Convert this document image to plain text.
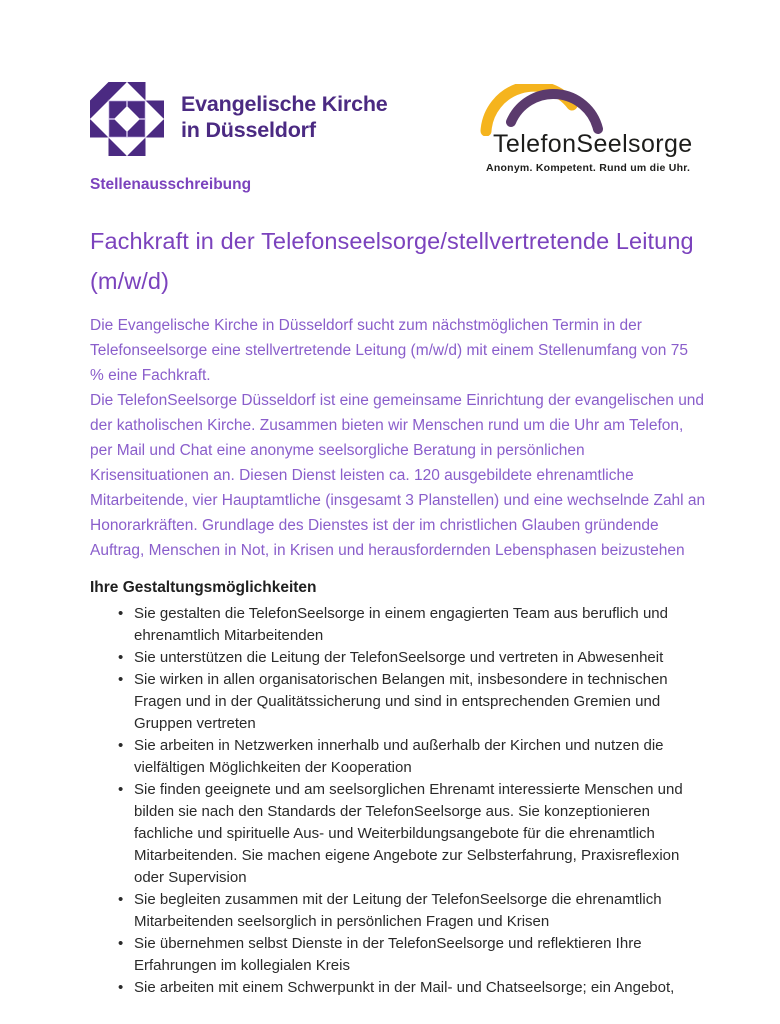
Evangelische Kirche
in Düsseldorf	TelefonSeelsorge
Anonym. Kompetent. Rund um die Uhr.

Stellenausschreibung

Fachkraft in der Telefonseelsorge/stellvertretende Leitung (m/w/d)

Die Evangelische Kirche in Düsseldorf sucht zum nächstmöglichen Termin in der Telefonseelsorge eine stellvertretende Leitung (m/w/d) mit einem Stellenumfang von 75 % eine Fachkraft.

Die TelefonSeelsorge Düsseldorf ist eine gemeinsame Einrichtung der evangelischen und der katholischen Kirche. Zusammen bieten wir Menschen rund um die Uhr am Telefon, per Mail und Chat eine anonyme seelsorgliche Beratung in persönlichen Krisensituationen an. Diesen Dienst leisten ca. 120 ausgebildete ehrenamtliche Mitarbeitende, vier Hauptamtliche (insgesamt 3 Planstellen) und eine wechselnde Zahl an Honorarkräften. Grundlage des Dienstes ist der im christlichen Glauben gründende Auftrag, Menschen in Not, in Krisen und herausfordernden Lebensphasen beizustehen

Ihre Gestaltungsmöglichkeiten
• Sie gestalten die TelefonSeelsorge in einem engagierten Team aus beruflich und ehrenamtlich Mitarbeitenden
• Sie unterstützen die Leitung der TelefonSeelsorge und vertreten in Abwesenheit
• Sie wirken in allen organisatorischen Belangen mit, insbesondere in technischen Fragen und in der Qualitätssicherung und sind in entsprechenden Gremien und Gruppen vertreten
• Sie arbeiten in Netzwerken innerhalb und außerhalb der Kirchen und nutzen die vielfältigen Möglichkeiten der Kooperation
• Sie finden geeignete und am seelsorglichen Ehrenamt interessierte Menschen und bilden sie nach den Standards der TelefonSeelsorge aus. Sie konzeptionieren fachliche und spirituelle Aus- und Weiterbildungsangebote für die ehrenamtlich Mitarbeitenden. Sie machen eigene Angebote zur Selbsterfahrung, Praxisreflexion oder Supervision
• Sie begleiten zusammen mit der Leitung der TelefonSeelsorge die ehrenamtlich Mitarbeitenden seelsorglich in persönlichen Fragen und Krisen
• Sie übernehmen selbst Dienste in der TelefonSeelsorge und reflektieren Ihre Erfahrungen im kollegialen Kreis
• Sie arbeiten mit einem Schwerpunkt in der Mail- und Chatseelsorge; ein Angebot,
